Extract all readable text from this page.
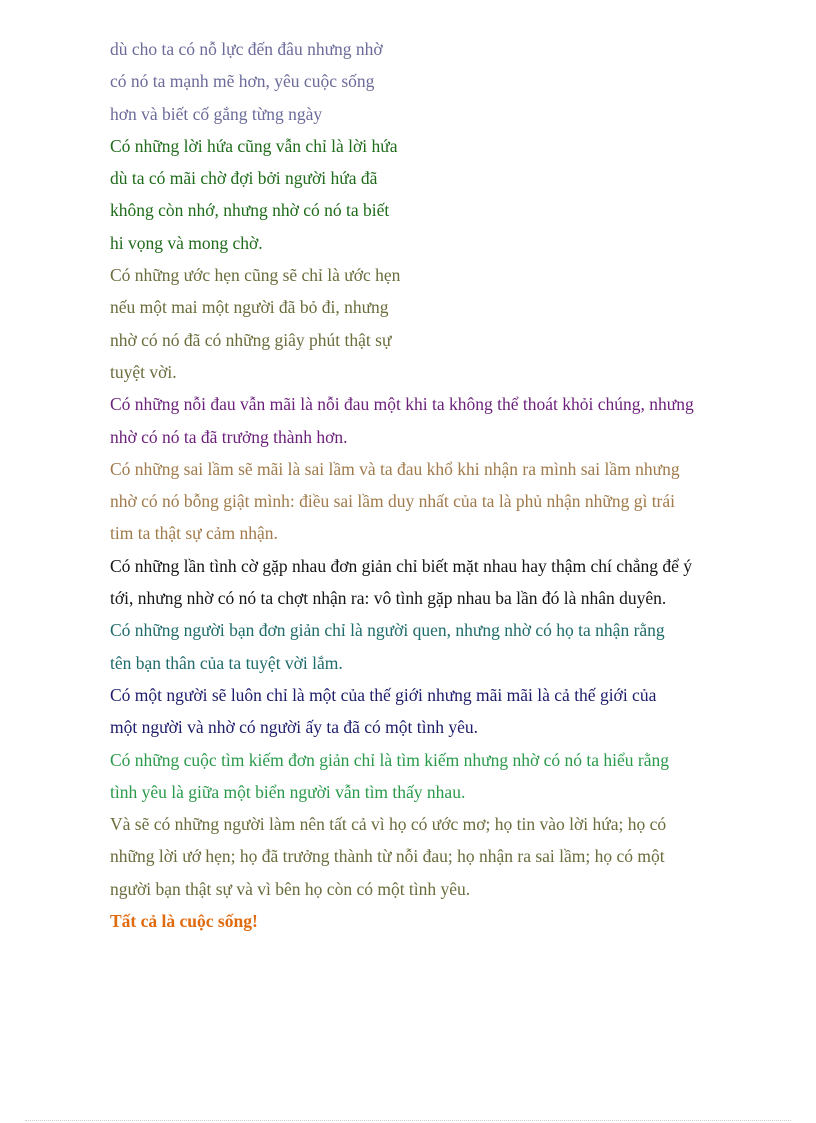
dù cho ta có nỗ lực đến đâu nhưng nhờ
có nó ta mạnh mẽ hơn, yêu cuộc sống
hơn và biết cố gắng từng ngày
Có những lời hứa cũng vẫn chỉ là lời hứa
dù ta có mãi chờ đợi bởi người hứa đã
không còn nhớ, nhưng nhờ có nó ta biết
hi vọng và mong chờ.
Có những ước hẹn cũng sẽ chỉ là ước hẹn
nếu một mai một người đã bỏ đi, nhưng
nhờ có nó đã có những giây phút thật sự
tuyệt vời.
Có những nỗi đau vẫn mãi là nỗi đau một khi ta không thể thoát khỏi chúng, nhưng
nhờ có nó ta đã trưởng thành hơn.
Có những sai lầm sẽ mãi là sai lầm và ta đau khổ khi nhận ra mình sai lầm nhưng
nhờ có nó bỗng giật mình: điều sai lầm duy nhất của ta là phủ nhận những gì trái
tim ta thật sự cảm nhận.
Có những lần tình cờ gặp nhau đơn giản chỉ biết mặt nhau hay thậm chí chẳng để ý
tới, nhưng nhờ có nó ta chợt nhận ra: vô tình gặp nhau ba lần đó là nhân duyên.
Có những người bạn đơn giản chỉ là người quen, nhưng nhờ có họ ta nhận rằng
tên bạn thân của ta tuyệt vời lắm.
Có một người sẽ luôn chỉ là một của thế giới nhưng mãi mãi là cả thế giới của
một người và nhờ có người ấy ta đã có một tình yêu.
Có những cuộc tìm kiếm đơn giản chỉ là tìm kiếm nhưng nhờ có nó ta hiểu rằng
tình yêu là giữa một biển người vẫn tìm thấy nhau.
Và sẽ có những người làm nên tất cả vì họ có ước mơ; họ tin vào lời hứa; họ có
những lời ướ hẹn; họ đã trưởng thành từ nỗi đau; họ nhận ra sai lầm; họ có một
người bạn thật sự và vì bên họ còn có một tình yêu.
Tất cả là cuộc sống!
